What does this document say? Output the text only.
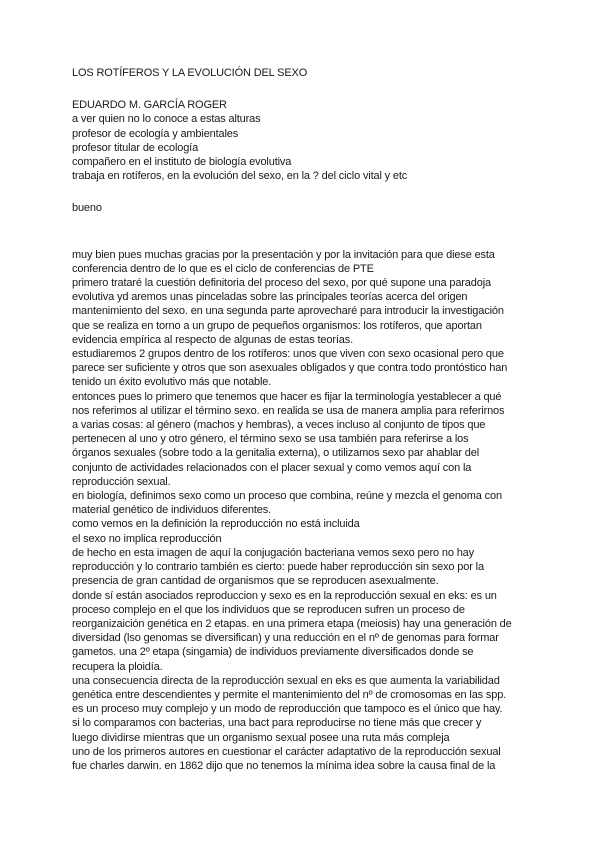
LOS ROTÍFEROS Y LA EVOLUCIÓN DEL SEXO
EDUARDO M. GARCÍA ROGER
a ver quien no lo conoce a estas alturas
profesor de ecología y ambientales
profesor titular de ecología
compañero en el instituto de biología evolutiva
trabaja en rotíferos, en la evolución del sexo, en la ? del ciclo vital y etc
bueno
muy bien pues muchas gracias por la presentación y por la invitación para que diese esta
conferencia dentro de lo que es el ciclo de conferencias de PTE
primero trataré la cuestión definitoria del proceso del sexo, por qué supone una paradoja
evolutiva yd aremos unas pinceladas sobre las principales teorías acerca del origen
mantenimiento del sexo. en una segunda parte aprovecharé para introducir la investigación
que se realiza en torno a un grupo de pequeños organismos: los rotíferos, que aportan
evidencia empírica al respecto de algunas de estas teorías.
estudiaremos 2 grupos dentro de los rotíferos: unos que viven con sexo ocasional pero que
parece ser suficiente y otros que son asexuales obligados y que contra todo prontóstico han
tenido un éxito evolutivo más que notable.
entonces pues lo primero que tenemos que hacer es fijar la terminología yestablecer a qué
nos referimos al utilizar el término sexo. en realida se usa de manera amplia para referirnos
a varias cosas: al género (machos y hembras), a veces incluso al conjunto de tipos que
pertenecen al uno y otro género, el término sexo se usa también para referirse a los
órganos sexuales (sobre todo a la genitalia externa), o utilizamos sexo par ahablar del
conjunto de actividades relacionados con el placer sexual y como vemos aquí con la
reproducción sexual.
en biología, definimos sexo como un proceso que combina, reúne y mezcla el genoma con
material genético de individuos diferentes.
como vemos en la definición la reproducción no está incluida
el sexo no implica reproducción
de hecho en esta imagen de aquí la conjugación bacteriana vemos sexo pero no hay
reproducción y lo contrario también es cierto: puede haber reproducción sin sexo por la
presencia de gran cantidad de organismos que se reproducen asexualmente.
donde sí están asociados reproduccion y sexo es en la reproducción sexual en eks: es un
proceso complejo en el que los individuos que se reproducen sufren un proceso de
reorganizaición genética en 2 etapas. en una primera etapa (meiosis) hay una generación de
diversidad (lso genomas se diversifican) y una reducción en el nº de genomas para formar
gametos. una 2º etapa (singamia) de individuos previamente diversificados donde se
recupera la ploidía.
una consecuencia directa de la reproducción sexual en eks es que aumenta la variabilidad
genética entre descendientes y permite el mantenimiento del nº de cromosomas en las spp.
es un proceso muy complejo y un modo de reproducción que tampoco es el único que hay.
si lo comparamos con bacterias, una bact para reproducirse no tiene más que crecer y
luego dividirse mientras que un organismo sexual posee una ruta más compleja
uno de los primeros autores en cuestionar el carácter adaptativo de la reproducción sexual
fue charles darwin. en 1862 dijo que no tenemos la mínima idea sobre la causa final de la
